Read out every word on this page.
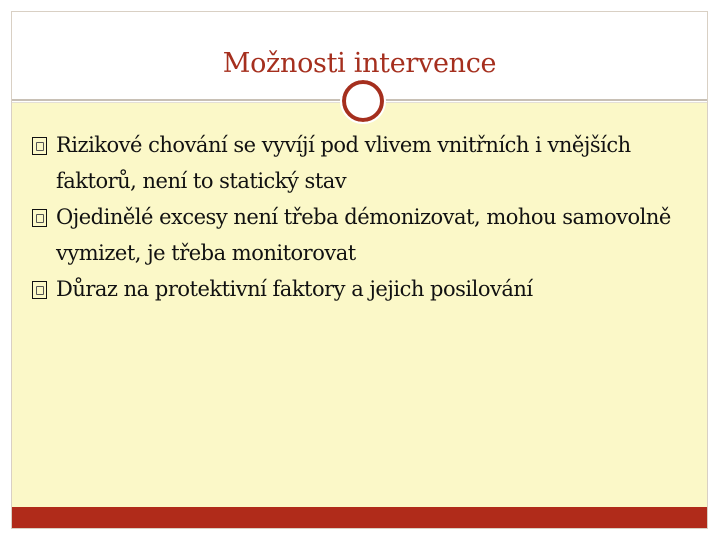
Možnosti intervence
Rizikové chování se vyvíjí pod vlivem vnitřních i vnějších faktorů, není to statický stav
Ojedinělé excesy není třeba démonizovat, mohou samovolně vymizet, je třeba monitorovat
Důraz na protektivní faktory a jejich posilování
